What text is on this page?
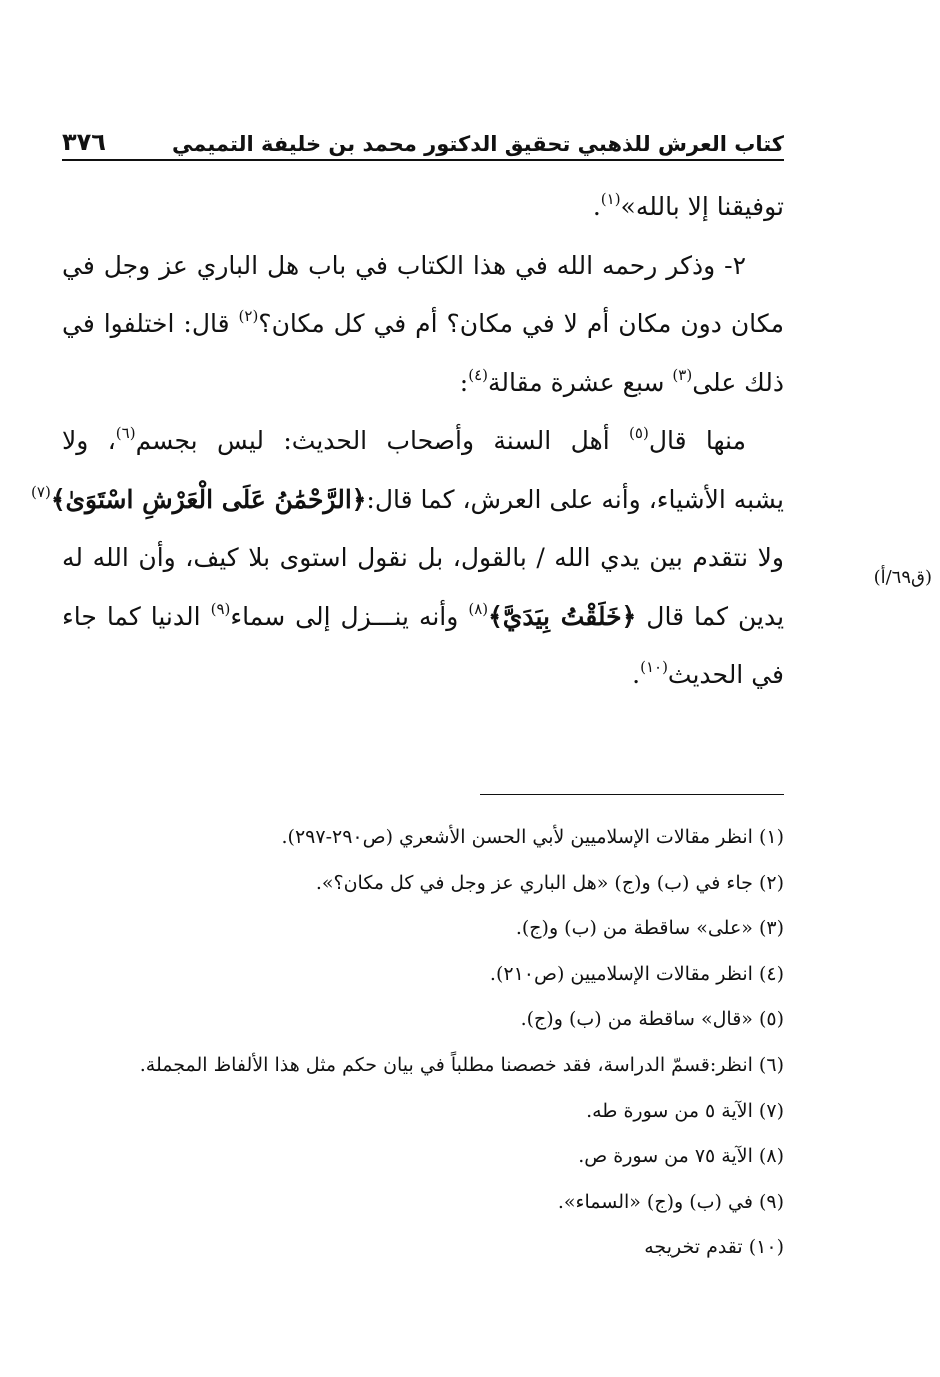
كتاب العرش للذهبي تحقيق الدكتور محمد بن خليفة التميمي
٣٧٦
(ق٦٩/أ)
توفيقنا إلا بالله»$^{(١)}$.
٢- وذكر رحمه الله في هذا الكتاب في باب هل الباري عز وجل في
مكان دون مكان أم لا في مكان؟ أم في كل مكان؟$^{(٢)}$ قال: اختلفوا في
ذلك على$^{(٣)}$ سبع عشرة مقالة$^{(٤)}$:
منها قال$^{(٥)}$ أهل السنة وأصحاب الحديث: ليس بجسم$^{(٦)}$، ولا
يشبه الأشياء، وأنه على العرش، كما قال:﴿الرَّحْمَٰنُ عَلَى الْعَرْشِ اسْتَوَىٰ﴾$^{(٧)}$
ولا نتقدم بين يدي الله / بالقول، بل نقول استوى بلا كيف، وأن الله له
يدين كما قال ﴿خَلَقْتُ بِيَدَيَّ﴾$^{(٨)}$ وأنه ينـــزل إلى سماء$^{(٩)}$ الدنيا كما جاء
في الحديث$^{(١٠)}$.
(١) انظر مقالات الإسلاميين لأبي الحسن الأشعري (ص٢٩٠-٢٩٧).
(٢) جاء في (ب) و(ج) «هل الباري عز وجل في كل مكان؟».
(٣) «على» ساقطة من (ب) و(ج).
(٤) انظر مقالات الإسلاميين (ص٢١٠).
(٥) «قال» ساقطة من (ب) و(ج).
(٦) انظر:قسمّ الدراسة، فقد خصصنا مطلباً في بيان حكم مثل هذا الألفاظ المجملة.
(٧) الآية ٥ من سورة طه.
(٨) الآية ٧٥ من سورة ص.
(٩) في (ب) و(ج) «السماء».
(١٠) تقدم تخريجه
